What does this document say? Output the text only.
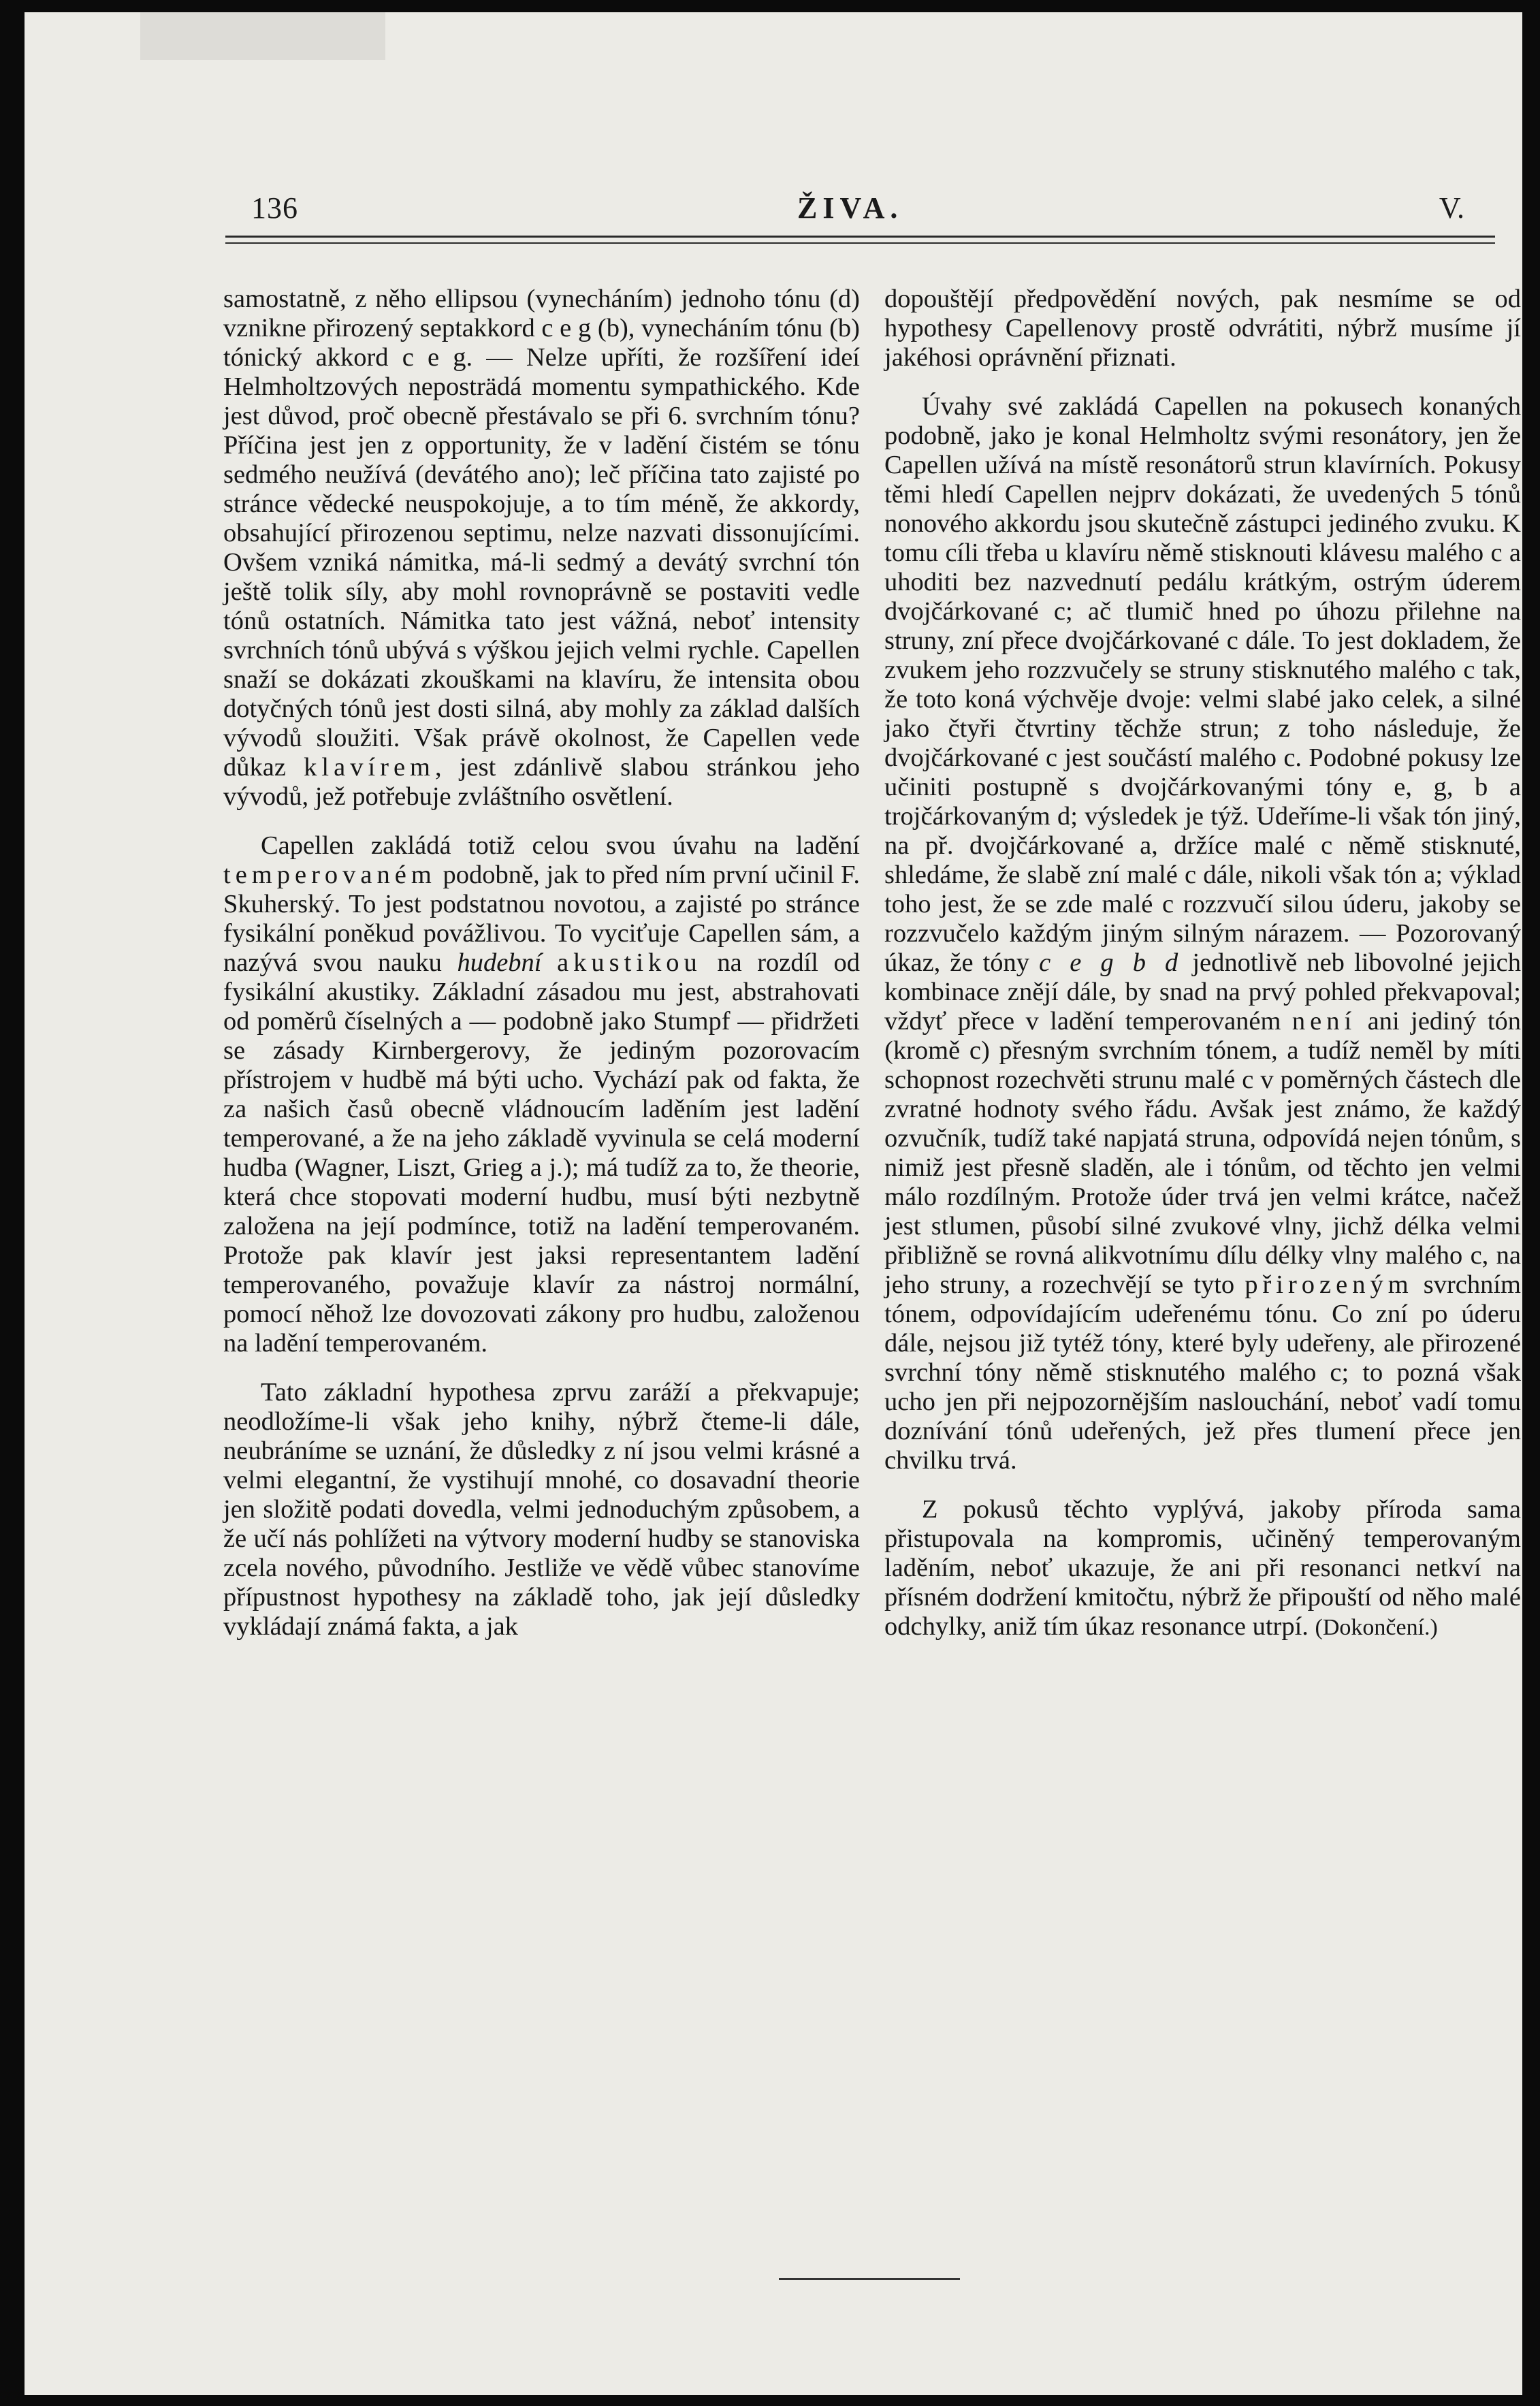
136	ŽIVA.	V.

samostatně, z něho ellipsou (vynecháním) jednoho tónu (d) vznikne přirozený septakkord c e g (b), vynecháním tónu (b) tónický akkord c e g. — Nelze upříti, že rozšíření ideí Helmholtzových neposträdá momentu sympathického. Kde jest důvod, proč obecně přestávalo se při 6. svrchním tónu? Příčina jest jen z opportunity, že v ladění čistém se tónu sedmého neužívá (devátého ano); leč příčina tato zajisté po stránce vědecké neuspokojuje, a to tím méně, že akkordy, obsahující přirozenou septimu, nelze nazvati dissonujícími. Ovšem vzniká námitka, má-li sedmý a devátý svrchní tón ještě tolik síly, aby mohl rovnoprávně se postaviti vedle tónů ostatních. Námitka tato jest vážná, neboť intensity svrchních tónů ubývá s výškou jejich velmi rychle. Capellen snaží se dokázati zkouškami na klavíru, že intensita obou dotyčných tónů jest dosti silná, aby mohly za základ dalších vývodů sloužiti. Však právě okolnost, že Capellen vede důkaz klavírem, jest zdánlivě slabou stránkou jeho vývodů, jež potřebuje zvláštního osvětlení.

Capellen zakládá totiž celou svou úvahu na ladění temperovaném podobně, jak to před ním první učinil F. Skuherský. To jest podstatnou novotou, a zajisté po stránce fysikální poněkud povážlivou. To vyciťuje Capellen sám, a nazývá svou nauku hudební akustikou na rozdíl od fysikální akustiky. Základní zásadou mu jest, abstrahovati od poměrů číselných a — podobně jako Stumpf — přidržeti se zásady Kirnbergerovy, že jediným pozorovacím přístrojem v hudbě má býti ucho. Vychází pak od fakta, že za našich časů obecně vládnoucím laděním jest ladění temperované, a že na jeho základě vyvinula se celá moderní hudba (Wagner, Liszt, Grieg a j.); má tudíž za to, že theorie, která chce stopovati moderní hudbu, musí býti nezbytně založena na její podmínce, totiž na ladění temperovaném. Protože pak klavír jest jaksi representantem ladění temperovaného, považuje klavír za nástroj normální, pomocí něhož lze dovozovati zákony pro hudbu, založenou na ladění temperovaném.

Tato základní hypothesa zprvu zaráží a překvapuje; neodložíme-li však jeho knihy, nýbrž čteme-li dále, neubráníme se uznání, že důsledky z ní jsou velmi krásné a velmi elegantní, že vystihují mnohé, co dosavadní theorie jen složitě podati dovedla, velmi jednoduchým způsobem, a že učí nás pohlížeti na výtvory moderní hudby se stanoviska zcela nového, původního. Jestliže ve vědě vůbec stanovíme přípustnost hypothesy na základě toho, jak její důsledky vykládají známá fakta, a jak

dopouštějí předpovědění nových, pak nesmíme se od hypothesy Capellenovy prostě odvrátiti, nýbrž musíme jí jakéhosi oprávnění přiznati.

Úvahy své zakládá Capellen na pokusech konaných podobně, jako je konal Helmholtz svými resonátory, jen že Capellen užívá na místě resonátorů strun klavírních. Pokusy těmi hledí Capellen nejprv dokázati, že uvedených 5 tónů nonového akkordu jsou skutečně zástupci jediného zvuku. K tomu cíli třeba u klavíru němě stisknouti klávesu malého c a uhoditi bez nazvednutí pedálu krátkým, ostrým úderem dvojčárkované c; ač tlumič hned po úhozu přilehne na struny, zní přece dvojčárkované c dále. To jest dokladem, že zvukem jeho rozzvučely se struny stisknutého malého c tak, že toto koná výchvěje dvoje: velmi slabé jako celek, a silné jako čtyři čtvrtiny těchže strun; z toho následuje, že dvojčárkované c jest součástí malého c. Podobné pokusy lze učiniti postupně s dvojčárkovanými tóny e, g, b a trojčárkovaným d; výsledek je týž. Udeříme-li však tón jiný, na př. dvojčárkované a, držíce malé c němě stisknuté, shledáme, že slabě zní malé c dále, nikoli však tón a; výklad toho jest, že se zde malé c rozzvučí silou úderu, jakoby se rozzvučelo každým jiným silným nárazem. — Pozorovaný úkaz, že tóny c e g b d jednotlivě neb libovolné jejich kombinace znějí dále, by snad na prvý pohled překvapoval; vždyť přece v ladění temperovaném není ani jediný tón (kromě c) přesným svrchním tónem, a tudíž neměl by míti schopnost rozechvěti strunu malé c v poměrných částech dle zvratné hodnoty svého řádu. Avšak jest známo, že každý ozvučník, tudíž také napjatá struna, odpovídá nejen tónům, s nimiž jest přesně sladěn, ale i tónům, od těchto jen velmi málo rozdílným. Protože úder trvá jen velmi krátce, načež jest stlumen, působí silné zvukové vlny, jichž délka velmi přibližně se rovná alikvotnímu dílu délky vlny malého c, na jeho struny, a rozechvějí se tyto přirozeným svrchním tónem, odpovídajícím udeřenému tónu. Co zní po úderu dále, nejsou již tytéž tóny, které byly udeřeny, ale přirozené svrchní tóny němě stisknutého malého c; to pozná však ucho jen při nejpozornějším naslouchání, neboť vadí tomu doznívání tónů udeřených, jež přes tlumení přece jen chvilku trvá.

Z pokusů těchto vyplývá, jakoby příroda sama přistupovala na kompromis, učiněný temperovaným laděním, neboť ukazuje, že ani při resonanci netkví na přísném dodržení kmitočtu, nýbrž že připouští od něho malé odchylky, aniž tím úkaz resonance utrpí. (Dokončení.)
